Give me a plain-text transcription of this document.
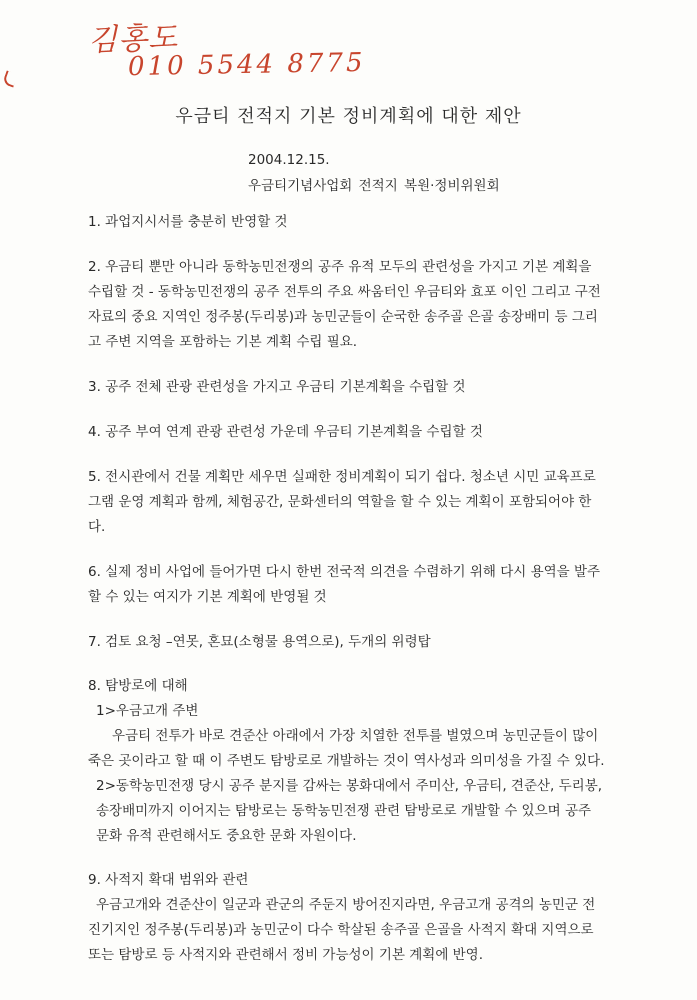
김홍도
010 5544 8775
우금티 전적지 기본 정비계획에 대한 제안
2004.12.15.
우금티기념사업회 전적지 복원·정비위원회

1. 과업지시서를 충분히 반영할 것

2. 우금티 뿐만 아니라 동학농민전쟁의 공주 유적 모두의 관련성을 가지고 기본 계획을 수립할 것 - 동학농민전쟁의 공주 전투의 주요 싸움터인 우금티와 효포 이인 그리고 구전 자료의 중요 지역인 정주봉(두리봉)과 농민군들이 순국한 송주골 은골 송장배미 등 그리고 주변 지역을 포함하는 기본 계획 수립 필요.

3. 공주 전체 관광 관련성을 가지고 우금티 기본계획을 수립할 것

4. 공주 부여 연계 관광 관련성 가운데 우금티 기본계획을 수립할 것

5. 전시관에서 건물 계획만 세우면 실패한 정비계획이 되기 쉽다. 청소년 시민 교육프로그램 운영 계획과 함께, 체험공간, 문화센터의 역할을 할 수 있는 계획이 포함되어야 한다.

6. 실제 정비 사업에 들어가면 다시 한번 전국적 의견을 수렴하기 위해 다시 용역을 발주할 수 있는 여지가 기본 계획에 반영될 것

7. 검토 요청 –연못, 혼묘(소형물 용역으로), 두개의 위령탑

8. 탐방로에 대해

1>우금고개 주변

우금티 전투가 바로 견준산 아래에서 가장 치열한 전투를 벌였으며 농민군들이 많이 죽은 곳이라고 할 때 이 주변도 탐방로로 개발하는 것이 역사성과 의미성을 가질 수 있다.

2>동학농민전쟁 당시 공주 분지를 감싸는 봉화대에서 주미산, 우금티, 견준산, 두리봉, 송장배미까지 이어지는 탐방로는 동학농민전쟁 관련 탐방로로 개발할 수 있으며 공주 문화 유적 관련해서도 중요한 문화 자원이다.

9. 사적지 확대 범위와 관련

우금고개와 견준산이 일군과 관군의 주둔지 방어진지라면, 우금고개 공격의 농민군 전진기지인 정주봉(두리봉)과 농민군이 다수 학살된 송주골 은골을 사적지 확대 지역으로 또는 탐방로 등 사적지와 관련해서 정비 가능성이 기본 계획에 반영.
